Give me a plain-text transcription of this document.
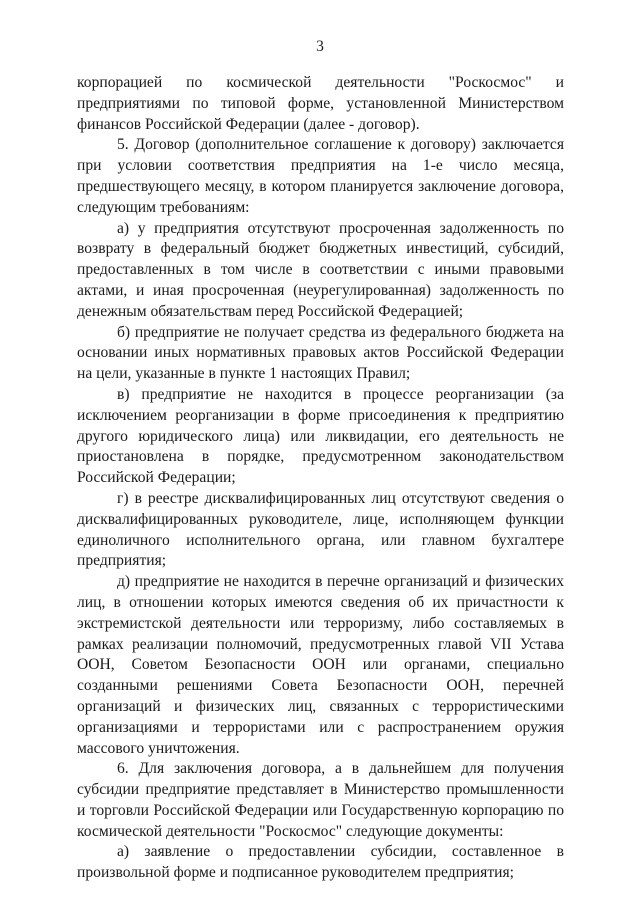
3

корпорацией по космической деятельности "Роскосмос" и предприятиями по типовой форме, установленной Министерством финансов Российской Федерации (далее - договор).

5. Договор (дополнительное соглашение к договору) заключается при условии соответствия предприятия на 1-е число месяца, предшествующего месяцу, в котором планируется заключение договора, следующим требованиям:

а) у предприятия отсутствуют просроченная задолженность по возврату в федеральный бюджет бюджетных инвестиций, субсидий, предоставленных в том числе в соответствии с иными правовыми актами, и иная просроченная (неурегулированная) задолженность по денежным обязательствам перед Российской Федерацией;

б) предприятие не получает средства из федерального бюджета на основании иных нормативных правовых актов Российской Федерации на цели, указанные в пункте 1 настоящих Правил;

в) предприятие не находится в процессе реорганизации (за исключением реорганизации в форме присоединения к предприятию другого юридического лица) или ликвидации, его деятельность не приостановлена в порядке, предусмотренном законодательством Российской Федерации;

г) в реестре дисквалифицированных лиц отсутствуют сведения о дисквалифицированных руководителе, лице, исполняющем функции единоличного исполнительного органа, или главном бухгалтере предприятия;

д) предприятие не находится в перечне организаций и физических лиц, в отношении которых имеются сведения об их причастности к экстремистской деятельности или терроризму, либо составляемых в рамках реализации полномочий, предусмотренных главой VII Устава ООН, Советом Безопасности ООН или органами, специально созданными решениями Совета Безопасности ООН, перечней организаций и физических лиц, связанных с террористическими организациями и террористами или с распространением оружия массового уничтожения.

6. Для заключения договора, а в дальнейшем для получения субсидии предприятие представляет в Министерство промышленности и торговли Российской Федерации или Государственную корпорацию по космической деятельности "Роскосмос" следующие документы:

а) заявление о предоставлении субсидии, составленное в произвольной форме и подписанное руководителем предприятия;
